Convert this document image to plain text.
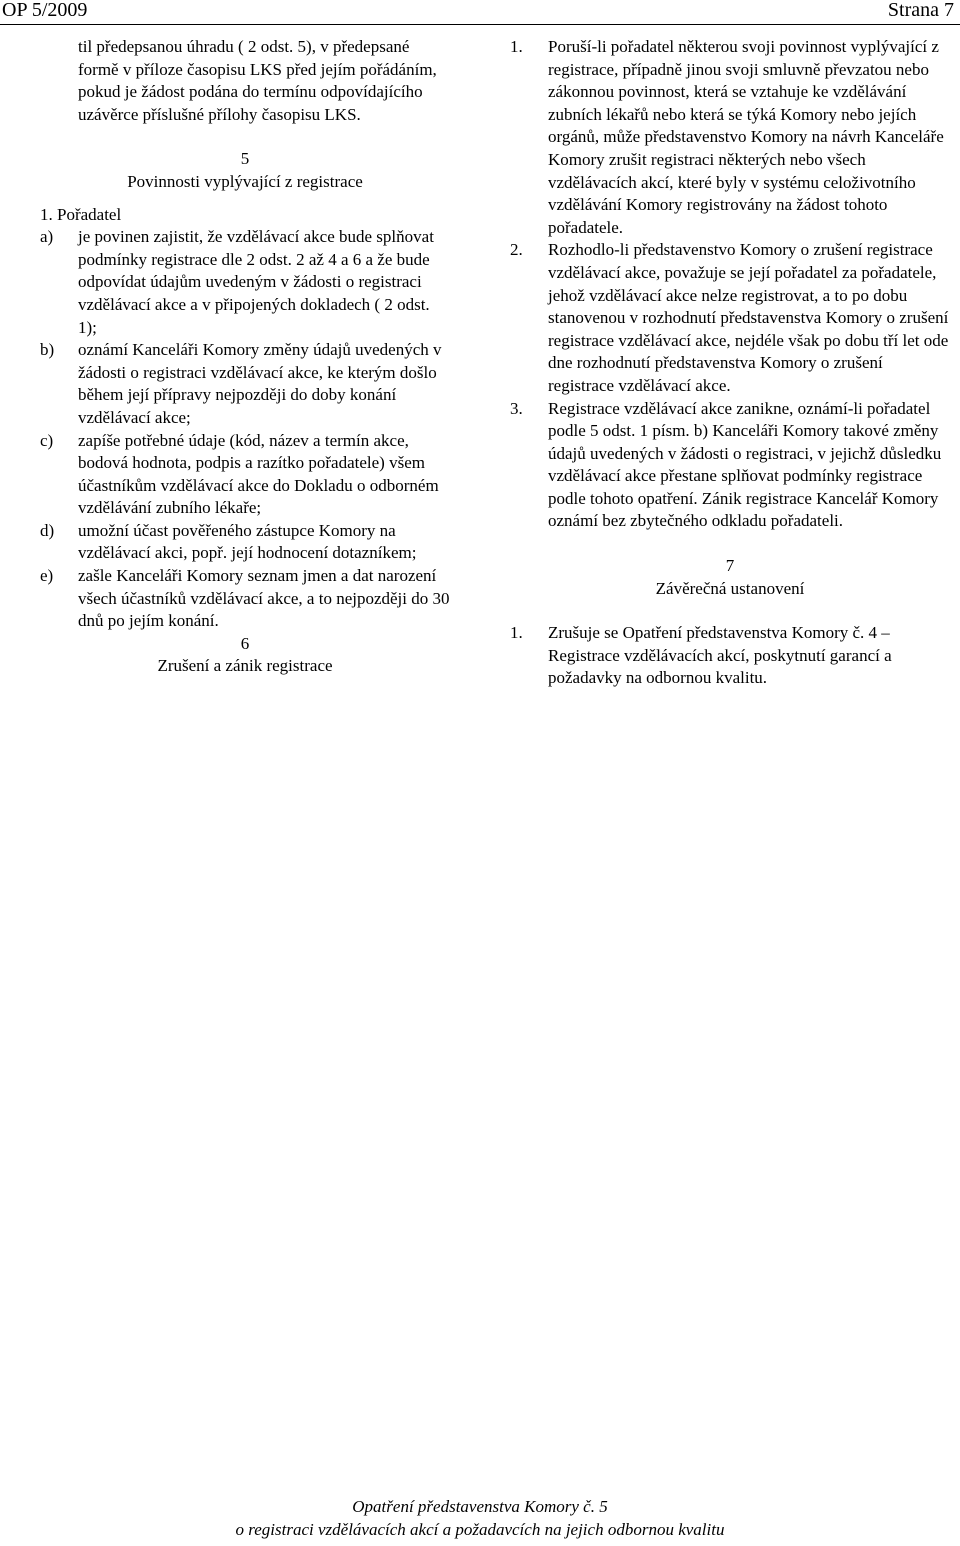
OP 5/2009	Strana 7

til předepsanou úhradu ( 2 odst. 5), v předepsané formě v příloze časopisu LKS před jejím pořádáním, pokud je žádost podána do termínu odpovídajícího uzávěrce příslušné přílohy časopisu LKS.

5

Povinnosti vyplývající z registrace

1. Pořadatel

a) je povinen zajistit, že vzdělávací akce bude splňovat podmínky registrace dle 2 odst. 2 až 4 a 6 a že bude odpovídat údajům uvedeným v žádosti o registraci vzdělávací akce a v připojených dokladech ( 2 odst. 1);
b) oznámí Kanceláři Komory změny údajů uvedených v žádosti o registraci vzdělávací akce, ke kterým došlo během její přípravy nejpozději do doby konání vzdělávací akce;
c) zapíše potřebné údaje (kód, název a termín akce, bodová hodnota, podpis a razítko pořadatele) všem účastníkům vzdělávací akce do Dokladu o odborném vzdělávání zubního lékaře;
d) umožní účast pověřeného zástupce Komory na vzdělávací akci, popř. její hodnocení dotazníkem;
e) zašle Kanceláři Komory seznam jmen a dat narození všech účastníků vzdělávací akce, a to nejpozději do 30 dnů po jejím konání.

6

Zrušení a zánik registrace

1. Poruší-li pořadatel některou svoji povinnost vyplývající z registrace, případně jinou svoji smluvně převzatou nebo zákonnou povinnost, která se vztahuje ke vzdělávání zubních lékařů nebo která se týká Komory nebo jejích orgánů, může představenstvo Komory na návrh Kanceláře Komory zrušit registraci některých nebo všech vzdělávacích akcí, které byly v systému celoživotního vzdělávání Komory registrovány na žádost tohoto pořadatele.
2. Rozhodlo-li představenstvo Komory o zrušení registrace vzdělávací akce, považuje se její pořadatel za pořadatele, jehož vzdělávací akce nelze registrovat, a to po dobu stanovenou v rozhodnutí představenstva Komory o zrušení registrace vzdělávací akce, nejdéle však po dobu tří let ode dne rozhodnutí představenstva Komory o zrušení registrace vzdělávací akce.
3. Registrace vzdělávací akce zanikne, oznámí-li pořadatel podle 5 odst. 1 písm. b) Kanceláři Komory takové změny údajů uvedených v žádosti o registraci, v jejichž důsledku vzdělávací akce přestane splňovat podmínky registrace podle tohoto opatření. Zánik registrace Kancelář Komory oznámí bez zbytečného odkladu pořadateli.

7

Závěrečná ustanovení

1. Zrušuje se Opatření představenstva Komory č. 4 – Registrace vzdělávacích akcí, poskytnutí garancí a požadavky na odbornou kvalitu.
Opatření představenstva Komory č. 5
o registraci vzdělávacích akcí a požadavcích na jejich odbornou kvalitu
